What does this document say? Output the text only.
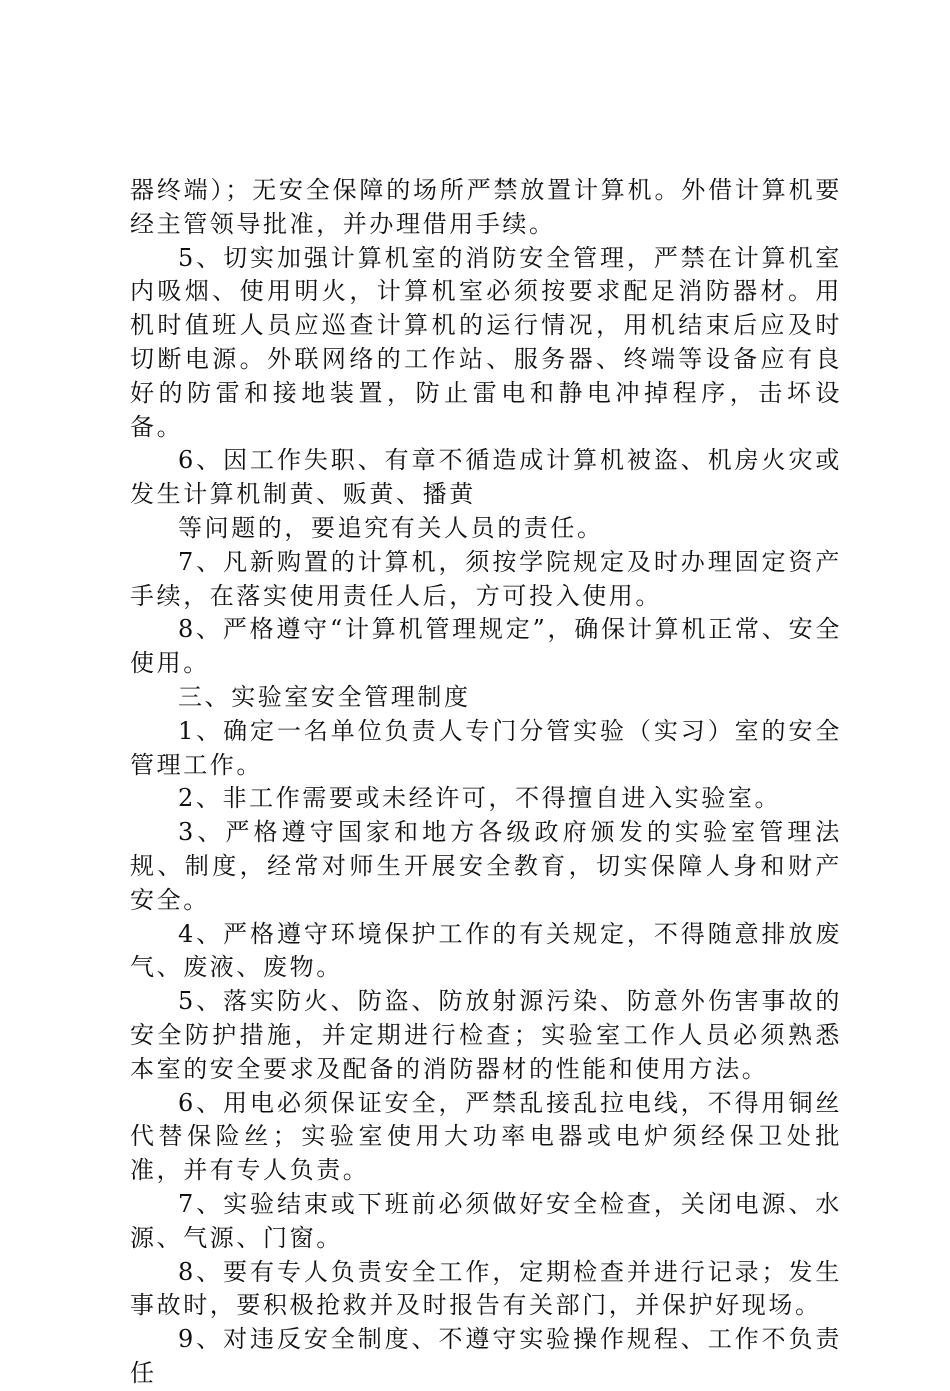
器终端）；无安全保障的场所严禁放置计算机。外借计算机要经主管领导批准，并办理借用手续。

5、切实加强计算机室的消防安全管理，严禁在计算机室内吸烟、使用明火，计算机室必须按要求配足消防器材。用机时值班人员应巡查计算机的运行情况，用机结束后应及时切断电源。外联网络的工作站、服务器、终端等设备应有良好的防雷和接地装置，防止雷电和静电冲掉程序，击坏设备。

6、因工作失职、有章不循造成计算机被盗、机房火灾或发生计算机制黄、贩黄、播黄

等问题的，要追究有关人员的责任。

7、凡新购置的计算机，须按学院规定及时办理固定资产手续，在落实使用责任人后，方可投入使用。

8、严格遵守“计算机管理规定”，确保计算机正常、安全使用。

三、实验室安全管理制度

1、确定一名单位负责人专门分管实验（实习）室的安全管理工作。

2、非工作需要或未经许可，不得擅自进入实验室。

3、严格遵守国家和地方各级政府颁发的实验室管理法规、制度，经常对师生开展安全教育，切实保障人身和财产安全。

4、严格遵守环境保护工作的有关规定，不得随意排放废气、废液、废物。

5、落实防火、防盗、防放射源污染、防意外伤害事故的安全防护措施，并定期进行检查；实验室工作人员必须熟悉本室的安全要求及配备的消防器材的性能和使用方法。

6、用电必须保证安全，严禁乱接乱拉电线，不得用铜丝代替保险丝；实验室使用大功率电器或电炉须经保卫处批准，并有专人负责。

7、实验结束或下班前必须做好安全检查，关闭电源、水源、气源、门窗。

8、要有专人负责安全工作，定期检查并进行记录；发生事故时，要积极抢救并及时报告有关部门，并保护好现场。

9、对违反安全制度、不遵守实验操作规程、工作不负责任
